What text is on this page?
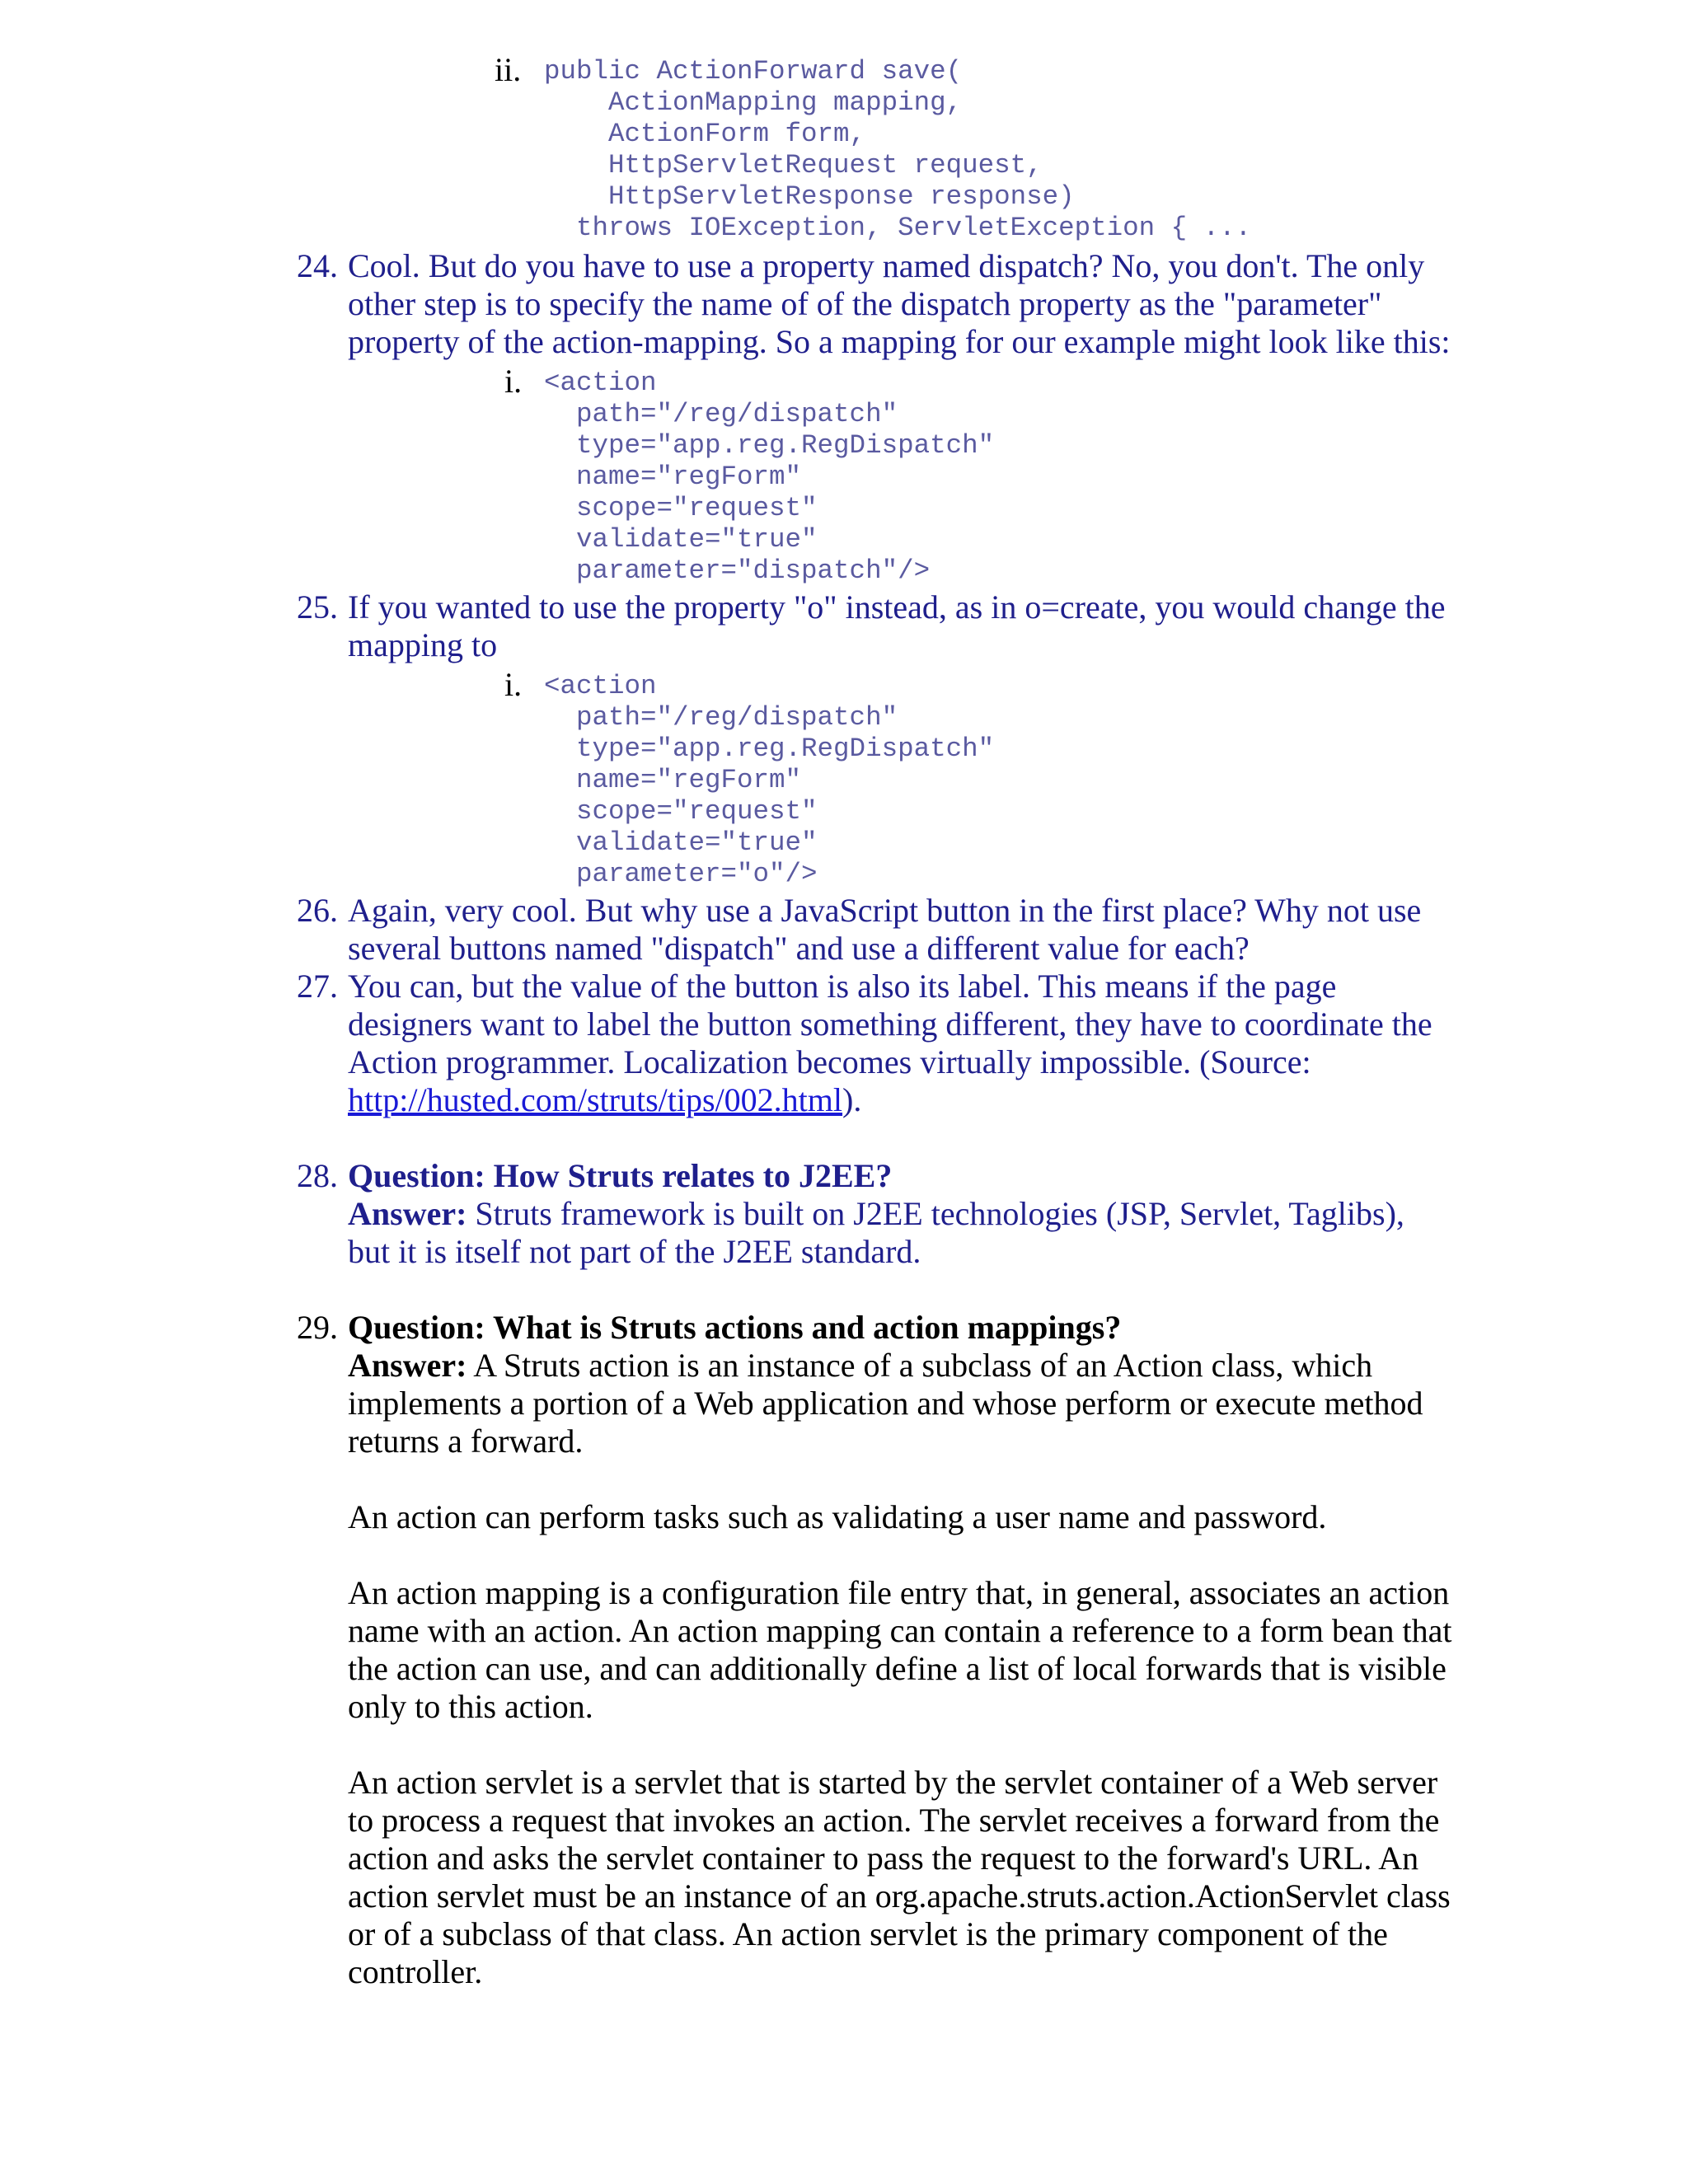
ii. public ActionForward save(
ActionMapping mapping,
ActionForm form,
HttpServletRequest request,
HttpServletResponse response)
throws IOException, ServletException { ...
24. Cool. But do you have to use a property named dispatch? No, you don't. The only
other step is to specify the name of of the dispatch property as the "parameter"
property of the action-mapping. So a mapping for our example might look like this:
i. <action
path="/reg/dispatch"
type="app.reg.RegDispatch"
name="regForm"
scope="request"
validate="true"
parameter="dispatch"/>
25. If you wanted to use the property "o" instead, as in o=create, you would change the
mapping to
i. <action
path="/reg/dispatch"
type="app.reg.RegDispatch"
name="regForm"
scope="request"
validate="true"
parameter="o"/>
26. Again, very cool. But why use a JavaScript button in the first place? Why not use
several buttons named "dispatch" and use a different value for each?
27. You can, but the value of the button is also its label. This means if the page
designers want to label the button something different, they have to coordinate the
Action programmer. Localization becomes virtually impossible. (Source:
http://husted.com/struts/tips/002.html).
28. Question: How Struts relates to J2EE?
Answer: Struts framework is built on J2EE technologies (JSP, Servlet, Taglibs),
but it is itself not part of the J2EE standard.
29. Question: What is Struts actions and action mappings?
Answer: A Struts action is an instance of a subclass of an Action class, which
implements a portion of a Web application and whose perform or execute method
returns a forward.

An action can perform tasks such as validating a user name and password.

An action mapping is a configuration file entry that, in general, associates an action
name with an action. An action mapping can contain a reference to a form bean that
the action can use, and can additionally define a list of local forwards that is visible
only to this action.

An action servlet is a servlet that is started by the servlet container of a Web server
to process a request that invokes an action. The servlet receives a forward from the
action and asks the servlet container to pass the request to the forward's URL. An
action servlet must be an instance of an org.apache.struts.action.ActionServlet class
or of a subclass of that class. An action servlet is the primary component of the
controller.
